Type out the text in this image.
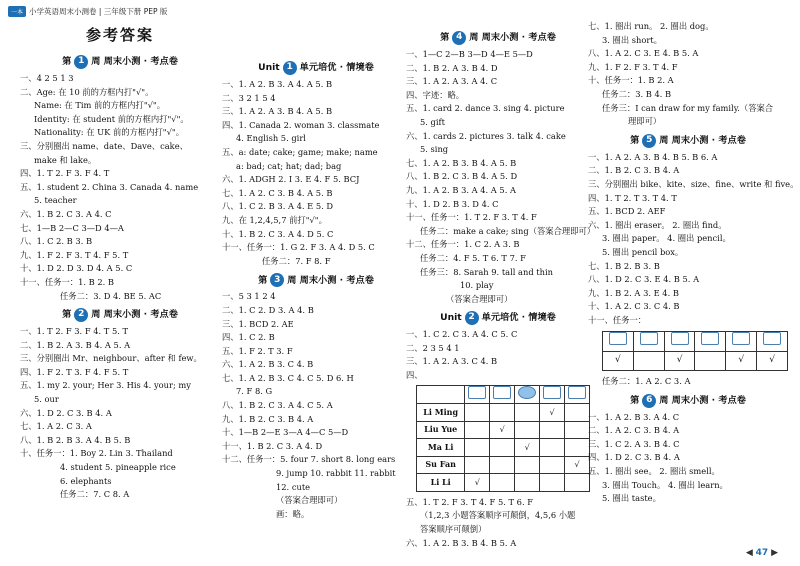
一本 小学英语周末小测卷 | 三年级下册 PEP 版
参考答案
第 1 周 周末小测 · 考点卷
一、4 2 5 1 3
二、Age: 在 10 前的方框内打"√"。
Name: 在 Tim 前的方框内打"√"。
Identity: 在 student 前的方框内打"√"。
Nationality: 在 UK 前的方框内打"√"。
三、分别圈出 name、date、Dave、cake、
make 和 lake。
四、1. T 2. F 3. F 4. T
五、1. student 2. China 3. Canada 4. name
5. teacher
六、1. B 2. C 3. A 4. C
七、1—B 2—C 3—D 4—A
八、1. C 2. B 3. B
九、1. F 2. F 3. T 4. F 5. T
十、1. D 2. D 3. D 4. A 5. C
十一、任务一：1. B 2. B
任务二：3. D 4. BE 5. AC
第 2 周 周末小测 · 考点卷
一、1. T 2. F 3. F 4. T 5. T
二、1. B 2. A 3. B 4. A 5. A
三、分别圈出 Mr、neighbour、after 和 few。
四、1. F 2. T 3. F 4. F 5. T
五、1. my 2. your; Her 3. His 4. your; my
5. our
六、1. D 2. C 3. B 4. A
七、1. A 2. C 3. A
八、1. B 2. B 3. A 4. B 5. B
十、任务一：1. Boy 2. Lin 3. Thailand
4. student 5. pineapple rice
6. elephants
任务二：7. C 8. A
Unit 1 单元培优 · 情境卷
一、1. A 2. B 3. A 4. A 5. B
二、3 2 1 5 4
三、1. A 2. A 3. B 4. A 5. B
四、1. Canada 2. woman 3. classmate
4. English 5. girl
五、a: date; cake; game; make; name
a: bad; cat; hat; dad; bag
六、1. ADGH 2. I 3. E 4. F 5. BCJ
七、1. A 2. C 3. B 4. A 5. B
八、1. C 2. B 3. A 4. E 5. D
九、在 1,2,4,5,7 前打"√"。
十、1. B 2. C 3. A 4. D 5. C
十一、任务一：1. G 2. F 3. A 4. D 5. C
任务二：7. F 8. F
第 3 周 周末小测 · 考点卷
一、5 3 1 2 4
二、1. C 2. D 3. A 4. B
三、1. BCD 2. AE
四、1. C 2. B
五、1. F 2. T 3. F
六、1. A 2. B 3. C 4. B
七、1. A 2. B 3. C 4. C 5. D 6. H
7. F 8. G
八、1. B 2. C 3. A 4. C 5. A
九、1. B 2. C 3. B 4. A
十、1—B 2—E 3—A 4—C 5—D
十一、1. B 2. C 3. A 4. D
十二、任务一：5. four 7. short 8. long ears
9. jump 10. rabbit 11. rabbit
12. cute
（答案合理即可）
画：略。
第 4 周 周末小测 · 考点卷
一、1—C 2—B 3—D 4—E 5—D
二、1. B 2. A 3. B 4. D
三、1. A 2. A 3. A 4. C
四、字迹：略。
五、1. card 2. dance 3. sing 4. picture
5. gift
六、1. cards 2. pictures 3. talk 4. cake
5. sing
七、1. A 2. B 3. B 4. A 5. B
八、1. B 2. C 3. B 4. A 5. D
九、1. A 2. B 3. A 4. A 5. A
十、1. D 2. B 3. D 4. C
十一、任务一：1. T 2. F 3. T 4. F
任务二：make a cake; sing（答案合理即可）
十二、任务一：1. C 2. A 3. B
任务二：4. F 5. T 6. T 7. F
任务三：8. Sarah 9. tall and thin
10. play
（答案合理即可）
Unit 2 单元培优 · 情境卷
一、1. C 2. C 3. A 4. C 5. C
二、2 3 5 4 1
三、1. A 2. A 3. C 4. B
四、

Li Ming				√	
Liu Yue		√			
Ma Li			√		
Su Fan					√
Li Li	√				
五、1. T 2. F 3. T 4. F 5. T 6. F
（1,2,3 小题答案顺序可颠倒，4,5,6 小题
答案顺序可颠倒）
六、1. A 2. B 3. B 4. B 5. A
七、1. 圈出 run。 2. 圈出 dog。
3. 圈出 short。
八、1. A 2. C 3. E 4. B 5. A
九、1. F 2. F 3. T 4. F
十、任务一：1. B 2. A
任务二：3. B 4. B
任务三：I can draw for my family.（答案合
理即可）
第 5 周 周末小测 · 考点卷
一、1. A 2. A 3. B 4. B 5. B 6. A
二、1. B 2. C 3. B 4. A
三、分别圈出 bike、kite、size、fine、write 和 five。
四、1. T 2. T 3. T 4. T
五、1. BCD 2. AEF
六、1. 圈出 eraser。 2. 圈出 find。
3. 圈出 paper。 4. 圈出 pencil。
5. 圈出 pencil box。
七、1. B 2. B 3. B
八、1. D 2. C 3. E 4. B 5. A
九、1. B 2. A 3. E 4. B
十、1. A 2. C 3. C 4. B
十一、任务一：

√		√		√	√
任务二：1. A 2. C 3. A
第 6 周 周末小测 · 考点卷
一、1. A 2. B 3. A 4. C
二、1. A 2. C 3. B 4. A
三、1. C 2. A 3. B 4. C
四、1. D 2. C 3. B 4. A
五、1. 圈出 see。 2. 圈出 smell。
3. 圈出 Touch。 4. 圈出 learn。
5. 圈出 taste。
◀ 47 ▶
